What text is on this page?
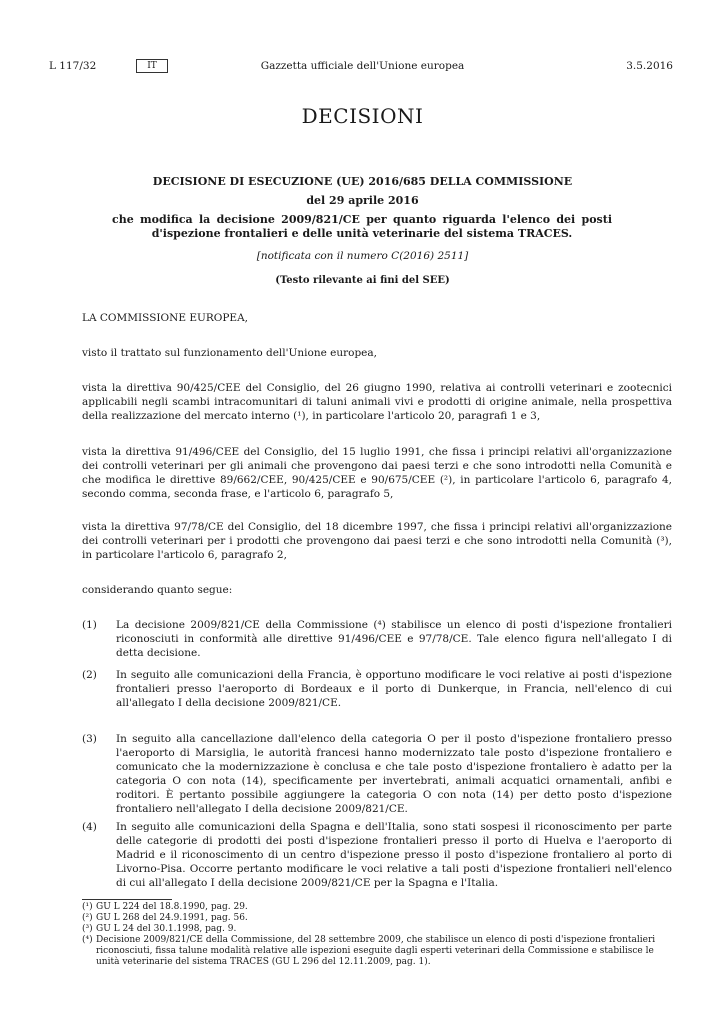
L 117/32	IT	Gazzetta ufficiale dell'Unione europea	3.5.2016
DECISIONI
DECISIONE DI ESECUZIONE (UE) 2016/685 DELLA COMMISSIONE
del 29 aprile 2016
che modifica la decisione 2009/821/CE per quanto riguarda l'elenco dei posti d'ispezione frontalieri e delle unità veterinarie del sistema TRACES.
[notificata con il numero C(2016) 2511]
(Testo rilevante ai fini del SEE)
LA COMMISSIONE EUROPEA,
visto il trattato sul funzionamento dell'Unione europea,
vista la direttiva 90/425/CEE del Consiglio, del 26 giugno 1990, relativa ai controlli veterinari e zootecnici applicabili negli scambi intracomunitari di taluni animali vivi e prodotti di origine animale, nella prospettiva della realizzazione del mercato interno (¹), in particolare l'articolo 20, paragrafi 1 e 3,
vista la direttiva 91/496/CEE del Consiglio, del 15 luglio 1991, che fissa i principi relativi all'organizzazione dei controlli veterinari per gli animali che provengono dai paesi terzi e che sono introdotti nella Comunità e che modifica le direttive 89/662/CEE, 90/425/CEE e 90/675/CEE (²), in particolare l'articolo 6, paragrafo 4, secondo comma, seconda frase, e l'articolo 6, paragrafo 5,
vista la direttiva 97/78/CE del Consiglio, del 18 dicembre 1997, che fissa i principi relativi all'organizzazione dei controlli veterinari per i prodotti che provengono dai paesi terzi e che sono introdotti nella Comunità (³), in particolare l'articolo 6, paragrafo 2,
considerando quanto segue:
(1) La decisione 2009/821/CE della Commissione (⁴) stabilisce un elenco di posti d'ispezione frontalieri riconosciuti in conformità alle direttive 91/496/CEE e 97/78/CE. Tale elenco figura nell'allegato I di detta decisione.
(2) In seguito alle comunicazioni della Francia, è opportuno modificare le voci relative ai posti d'ispezione frontalieri presso l'aeroporto di Bordeaux e il porto di Dunkerque, in Francia, nell'elenco di cui all'allegato I della decisione 2009/821/CE.
(3) In seguito alla cancellazione dall'elenco della categoria O per il posto d'ispezione frontaliero presso l'aeroporto di Marsiglia, le autorità francesi hanno modernizzato tale posto d'ispezione frontaliero e comunicato che la modernizzazione è conclusa e che tale posto d'ispezione frontaliero è adatto per la categoria O con nota (14), specificamente per invertebrati, animali acquatici ornamentali, anfibi e roditori. È pertanto possibile aggiungere la categoria O con nota (14) per detto posto d'ispezione frontaliero nell'allegato I della decisione 2009/821/CE.
(4) In seguito alle comunicazioni della Spagna e dell'Italia, sono stati sospesi il riconoscimento per parte delle categorie di prodotti dei posti d'ispezione frontalieri presso il porto di Huelva e l'aeroporto di Madrid e il riconoscimento di un centro d'ispezione presso il posto d'ispezione frontaliero al porto di Livorno-Pisa. Occorre pertanto modificare le voci relative a tali posti d'ispezione frontalieri nell'elenco di cui all'allegato I della decisione 2009/821/CE per la Spagna e l'Italia.
(¹) GU L 224 del 18.8.1990, pag. 29.
(²) GU L 268 del 24.9.1991, pag. 56.
(³) GU L 24 del 30.1.1998, pag. 9.
(⁴) Decisione 2009/821/CE della Commissione, del 28 settembre 2009, che stabilisce un elenco di posti d'ispezione frontalieri riconosciuti, fissa talune modalità relative alle ispezioni eseguite dagli esperti veterinari della Commissione e stabilisce le unità veterinarie del sistema TRACES (GU L 296 del 12.11.2009, pag. 1).
